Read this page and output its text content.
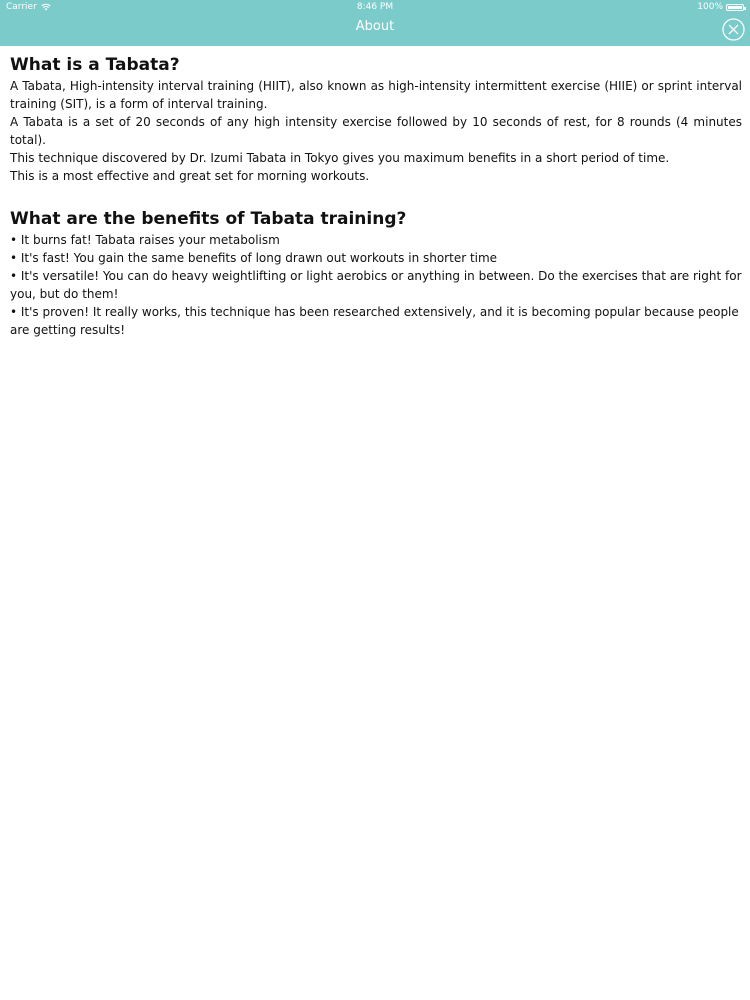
Carrier	8:46 PM	100%
About
What is a Tabata?

A Tabata, High-intensity interval training (HIIT), also known as high-intensity intermittent exercise (HIIE) or sprint interval training (SIT), is a form of interval training.

A Tabata is a set of 20 seconds of any high intensity exercise followed by 10 seconds of rest, for 8 rounds (4 minutes total).

This technique discovered by Dr. Izumi Tabata in Tokyo gives you maximum benefits in a short period of time.

This is a most effective and great set for morning workouts.

What are the benefits of Tabata training?

• It burns fat! Tabata raises your metabolism

• It's fast! You gain the same benefits of long drawn out workouts in shorter time

• It's versatile! You can do heavy weightlifting or light aerobics or anything in between. Do the exercises that are right for you, but do them!

• It's proven! It really works, this technique has been researched extensively, and it is becoming popular because people are getting results!
